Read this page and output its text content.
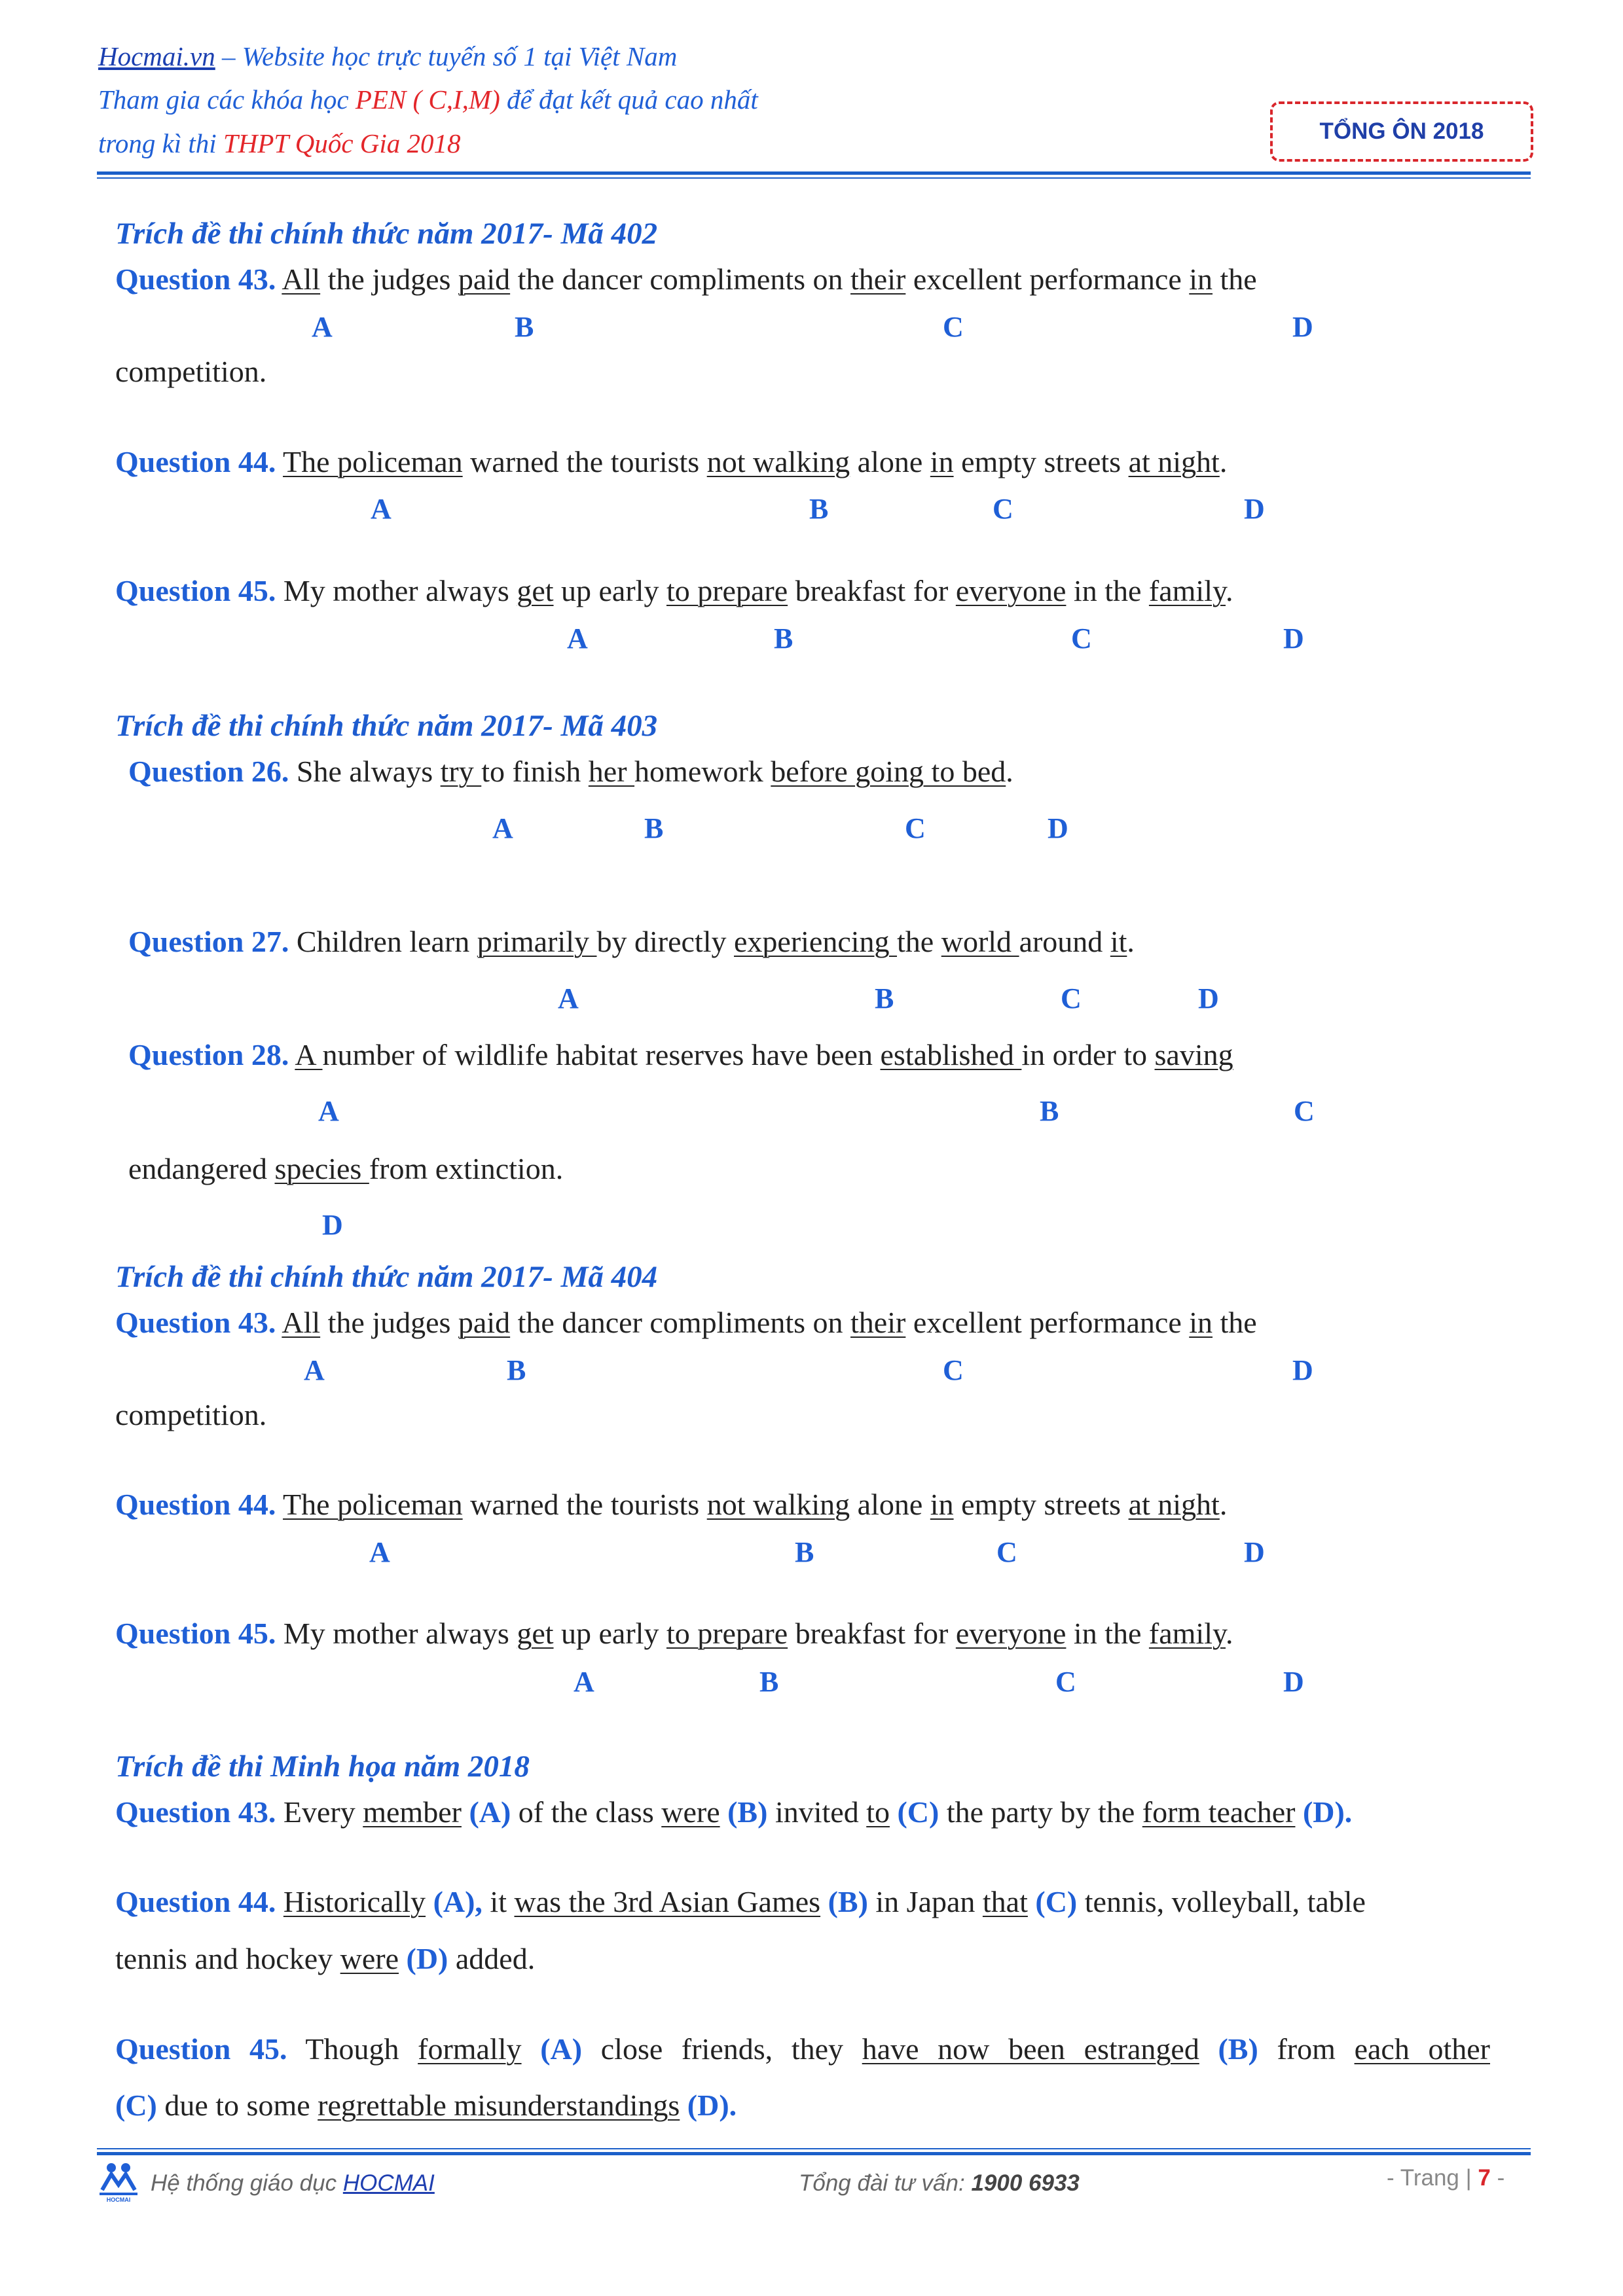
Hocmai.vn – Website học trực tuyến số 1 tại Việt Nam
Tham gia các khóa học PEN ( C,I,M) để đạt kết quả cao nhất
trong kì thi THPT Quốc Gia 2018	TỔNG ÔN 2018
Trích đề thi chính thức năm 2017- Mã 402
Question 43. All the judges paid the dancer compliments on their excellent performance in the
A	B	C	D
competition.
Question 44. The policeman warned the tourists not walking alone in empty streets at night.
A	B	C	D
Question 45. My mother always get up early to prepare breakfast for everyone in the family.
A	B	C	D
Trích đề thi chính thức năm 2017- Mã 403
Question 26. She always try to finish her homework before going to bed.
A	B	C	D
Question 27. Children learn primarily by directly experiencing the world around it.
A	B	C	D
Question 28. A number of wildlife habitat reserves have been established in order to saving
A	B	C
endangered species from extinction.
D
Trích đề thi chính thức năm 2017- Mã 404
Question 43. All the judges paid the dancer compliments on their excellent performance in the
A	B	C	D
competition.
Question 44. The policeman warned the tourists not walking alone in empty streets at night.
A	B	C	D
Question 45. My mother always get up early to prepare breakfast for everyone in the family.
A	B	C	D
Trích đề thi Minh họa năm 2018
Question 43. Every member (A) of the class were (B) invited to (C) the party by the form teacher (D).
Question 44. Historically (A), it was the 3rd Asian Games (B) in Japan that (C) tennis, volleyball, table
tennis and hockey were (D) added.
Question 45. Though formally (A) close friends, they have now been estranged (B) from each other
(C) due to some regrettable misunderstandings (D).
HOCMAI
Hệ thống giáo dục HOCMAI	Tổng đài tư vấn: 1900 6933	- Trang | 7 -
